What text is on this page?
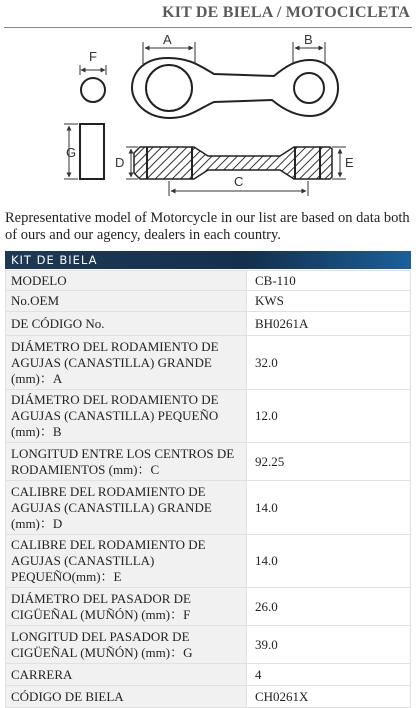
KIT DE BIELA / MOTOCICLETA
F
G
A	B
D	E
C
Representative model of Motorcycle in our list are based on data both of ours and our agency, dealers in each country.
KIT DE BIELA
MODELO	CB-110
No.OEM	KWS
DE CÓDIGO No.	BH0261A
DIÁMETRO DEL RODAMIENTO DE AGUJAS (CANASTILLA) GRANDE (mm)：A	32.0
DIÁMETRO DEL RODAMIENTO DE AGUJAS (CANASTILLA) PEQUEÑO (mm)：B	12.0
LONGITUD ENTRE LOS CENTROS DE RODAMIENTOS (mm)：C	92.25
CALIBRE DEL RODAMIENTO DE AGUJAS (CANASTILLA) GRANDE (mm)：D	14.0
CALIBRE DEL RODAMIENTO DE AGUJAS (CANASTILLA) PEQUEÑO(mm)：E	14.0
DIÁMETRO DEL PASADOR DE CIGÜEÑAL (MUÑÓN) (mm)：F	26.0
LONGITUD DEL PASADOR DE CIGÜEÑAL (MUÑÓN) (mm)：G	39.0
CARRERA	4
CÓDIGO DE BIELA	CH0261X
